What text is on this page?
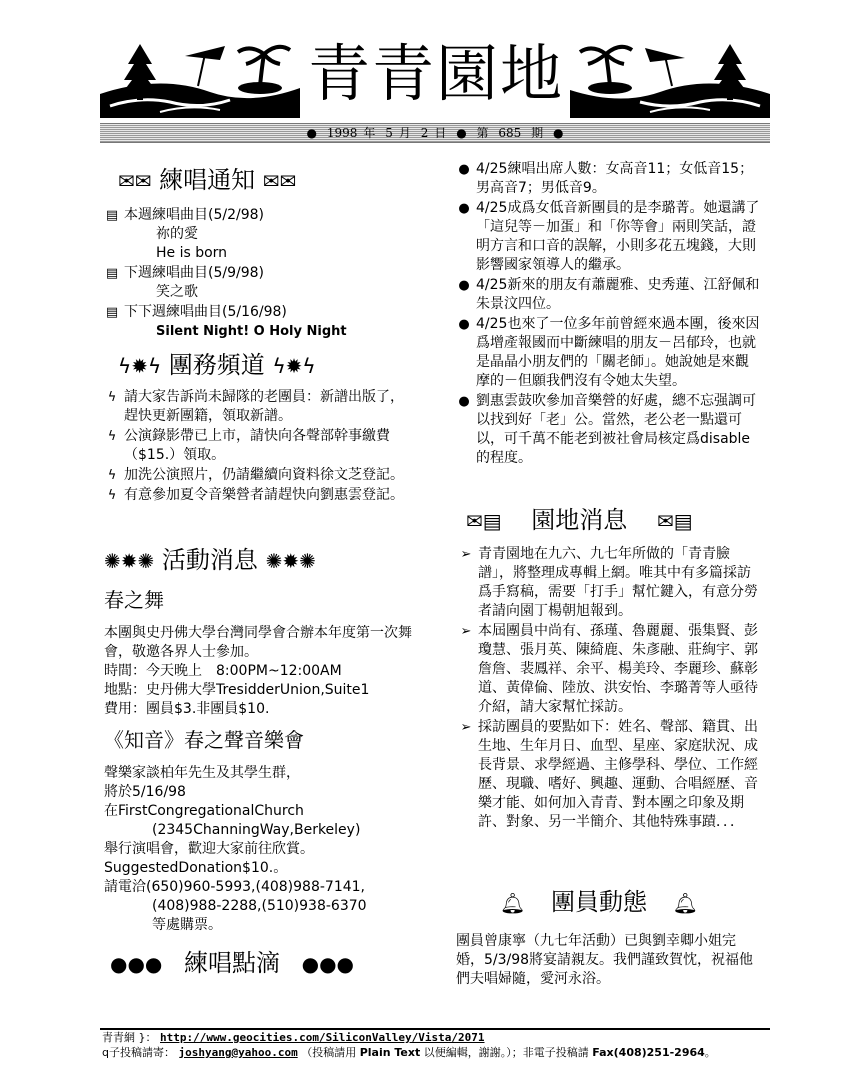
青青園地
● 1998 年 5 月 2 日 ● 第 685 期 ●
✉✉ 練唱通知 ✉✉
▤ 本週練唱曲目(5/2/98)
祢的愛
He is born
▤ 下週練唱曲目(5/9/98)
笑之歌
▤ 下下週練唱曲目(5/16/98)
Silent Night! O Holy Night
ϟ✹ϟ 團務頻道 ϟ✹ϟ
ϟ 請大家告訴尚未歸隊的老團員：新譜出版了，趕快更新團籍，領取新譜。
ϟ 公演錄影帶已上市，請快向各聲部幹事繳費（$15.）領取。
ϟ 加洗公演照片，仍請繼續向資料徐文芝登記。
ϟ 有意參加夏令音樂營者請趕快向劉惠雲登記。
✺✹✺ 活動消息 ✺✹✺
春之舞
本團與史丹佛大學台灣同學會合辦本年度第一次舞會，敬邀各界人士參加。
時間：今天晚上　8:00PM~12:00AM
地點：史丹佛大學TresidderUnion,Suite1
費用：團員$3.非團員$10.
《知音》春之聲音樂會
聲樂家談柏年先生及其學生群，
將於5/16/98
在FirstCongregationalChurch
(2345ChanningWay,Berkeley)
舉行演唱會，歡迎大家前往欣賞。
SuggestedDonation$10.。
請電洽(650)960-5993,(408)988-7141,
(408)988-2288,(510)938-6370
等處購票。
●●● 練唱點滴 ●●●
● 4/25練唱出席人數：女高音11；女低音15；男高音7；男低音9。
● 4/25成爲女低音新團員的是李璐菁。她還講了「這兒等－加蛋」和「你等會」兩則笑話，證明方言和口音的誤解，小則多花五塊錢，大則影響國家領導人的繼承。
● 4/25新來的朋友有蕭麗雅、史秀蓮、江舒佩和朱景汶四位。
● 4/25也來了一位多年前曾經來過本團，後來因爲增產報國而中斷練唱的朋友－呂郁玲，也就是晶晶小朋友們的「關老師」。她說她是來觀摩的－但願我們沒有令她太失望。
● 劉惠雲鼓吹參加音樂營的好處，總不忘强調可以找到好「老」公。當然，老公老一點還可以，可千萬不能老到被社會局核定爲disable的程度。
✉▤ 園地消息 ✉▤
➢ 青青園地在九六、九七年所做的「青青臉譜」，將整理成專輯上網。唯其中有多篇採訪爲手寫稿，需要「打手」幫忙鍵入，有意分勞者請向園丁楊朝旭報到。
➢ 本屆團員中尚有、孫瑾、魯麗麗、張集賢、彭瓊慧、張月英、陳綺鹿、朱彥融、莊絢宇、郭詹詹、裴鳳祥、余平、楊美玲、李麗珍、蘇彰道、黃偉倫、陸放、洪安怡、李璐菁等人亟待介紹，請大家幫忙採訪。
➢ 採訪團員的要點如下：姓名、聲部、籍貫、出生地、生年月日、血型、星座、家庭狀況、成長背景、求學經過、主修學科、學位、工作經歷、現職、嗜好、興趣、運動、合唱經歷、音樂才能、如何加入青青、對本團之印象及期許、對象、另一半簡介、其他特殊事蹟．．．
🔔︎ 團員動態 🔔︎
團員曾康寧（九七年活動）已與劉幸卿小姐完婚，5/3/98將宴請親友。我們謹致賀忱，祝福他們夫唱婦隨，愛河永浴。
青青網 }： http://www.geocities.com/SiliconValley/Vista/2071
q子投稿請寄： joshyang@yahoo.com （投稿請用 Plain Text 以便編輯，謝謝。）；非電子投稿請 Fax(408)251-2964。
